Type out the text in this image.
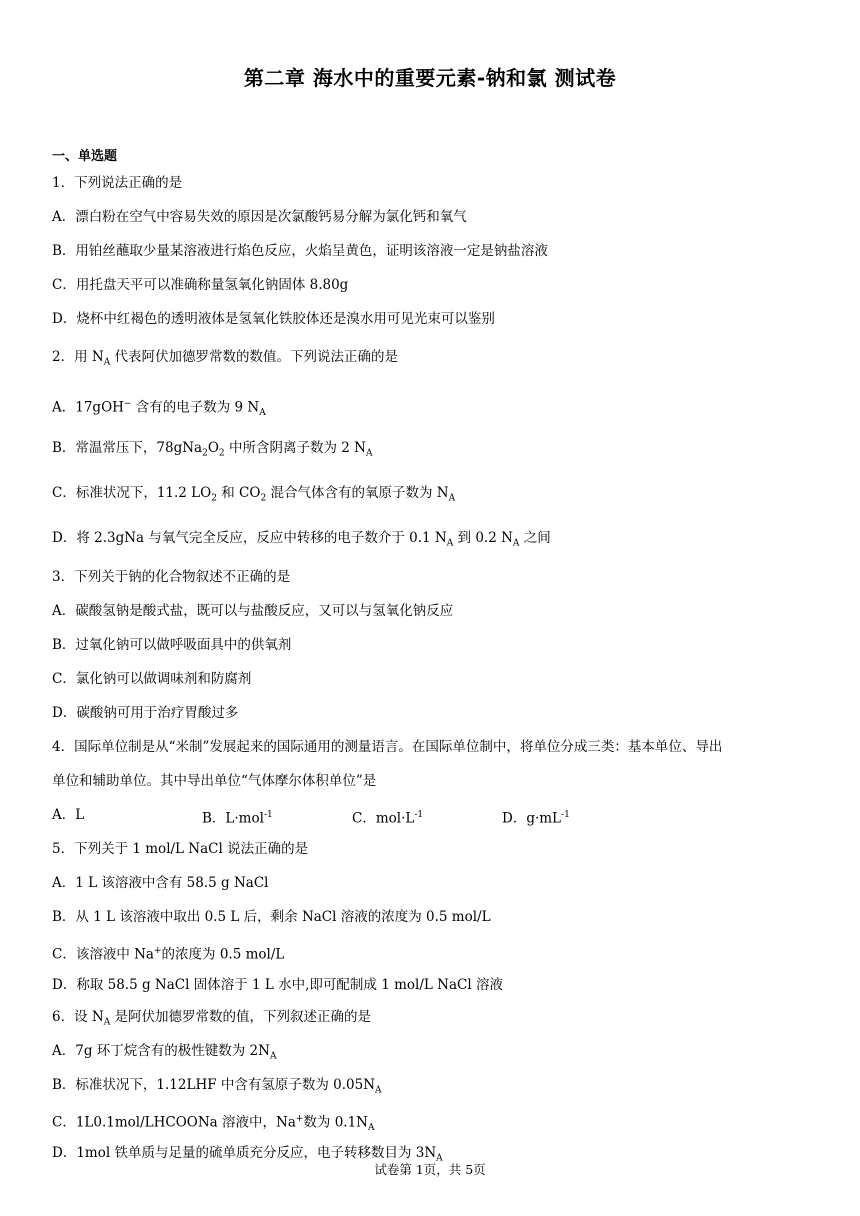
第二章 海水中的重要元素-钠和氯 测试卷
一、单选题
1．下列说法正确的是
A．漂白粉在空气中容易失效的原因是次氯酸钙易分解为氯化钙和氧气
B．用铂丝蘸取少量某溶液进行焰色反应，火焰呈黄色，证明该溶液一定是钠盐溶液
C．用托盘天平可以准确称量氢氧化钠固体 8.80g
D．烧杯中红褐色的透明液体是氢氧化铁胶体还是溴水用可见光束可以鉴别
2．用 $N_A$ 代表阿伏加德罗常数的数值。下列说法正确的是
A．17gOH− 含有的电子数为 9 $N_A$
B．常温常压下，$78gNa_2O_2$ 中所含阴离子数为 2 $N_A$
C．标准状况下，11.2 $LO_2$ 和 $CO_2$ 混合气体含有的氧原子数为 $N_A$
D．将 2.3gNa 与氧气完全反应，反应中转移的电子数介于 0.1 $N_A$ 到 0.2 $N_A$ 之间
3．下列关于钠的化合物叙述不正确的是
A．碳酸氢钠是酸式盐，既可以与盐酸反应，又可以与氢氧化钠反应
B．过氧化钠可以做呼吸面具中的供氧剂
C．氯化钠可以做调味剂和防腐剂
D．碳酸钠可用于治疗胃酸过多
4．国际单位制是从“米制”发展起来的国际通用的测量语言。在国际单位制中，将单位分成三类：基本单位、导出
单位和辅助单位。其中导出单位“气体摩尔体积单位”是
A．L	B．L·mol$^{-1}$	C．$mol\cdot L^{-1}$	D．$g\cdot mL^{-1}$
5．下列关于 1 mol/L NaCl 说法正确的是
A．1 L 该溶液中含有 58.5 g NaCl
B．从 1 L 该溶液中取出 0.5 L 后，剩余 NaCl 溶液的浓度为 0.5 mol/L
C．该溶液中 Na+的浓度为 0.5 mol/L
D．称取 58.5 g NaCl 固体溶于 1 L 水中,即可配制成 1 mol/L NaCl 溶液
6．设 $N_A$ 是阿伏加德罗常数的值，下列叙述正确的是
A．7g 环丁烷含有的极性键数为 $2N_A$
B．标准状况下，1.12LHF 中含有氢原子数为 $0.05N_A$
C．1L0.1mol/LHCOONa 溶液中，Na+数为 $0.1N_A$
D．1mol 铁单质与足量的硫单质充分反应，电子转移数目为 $3N_A$
试卷第 1页，共 5页
